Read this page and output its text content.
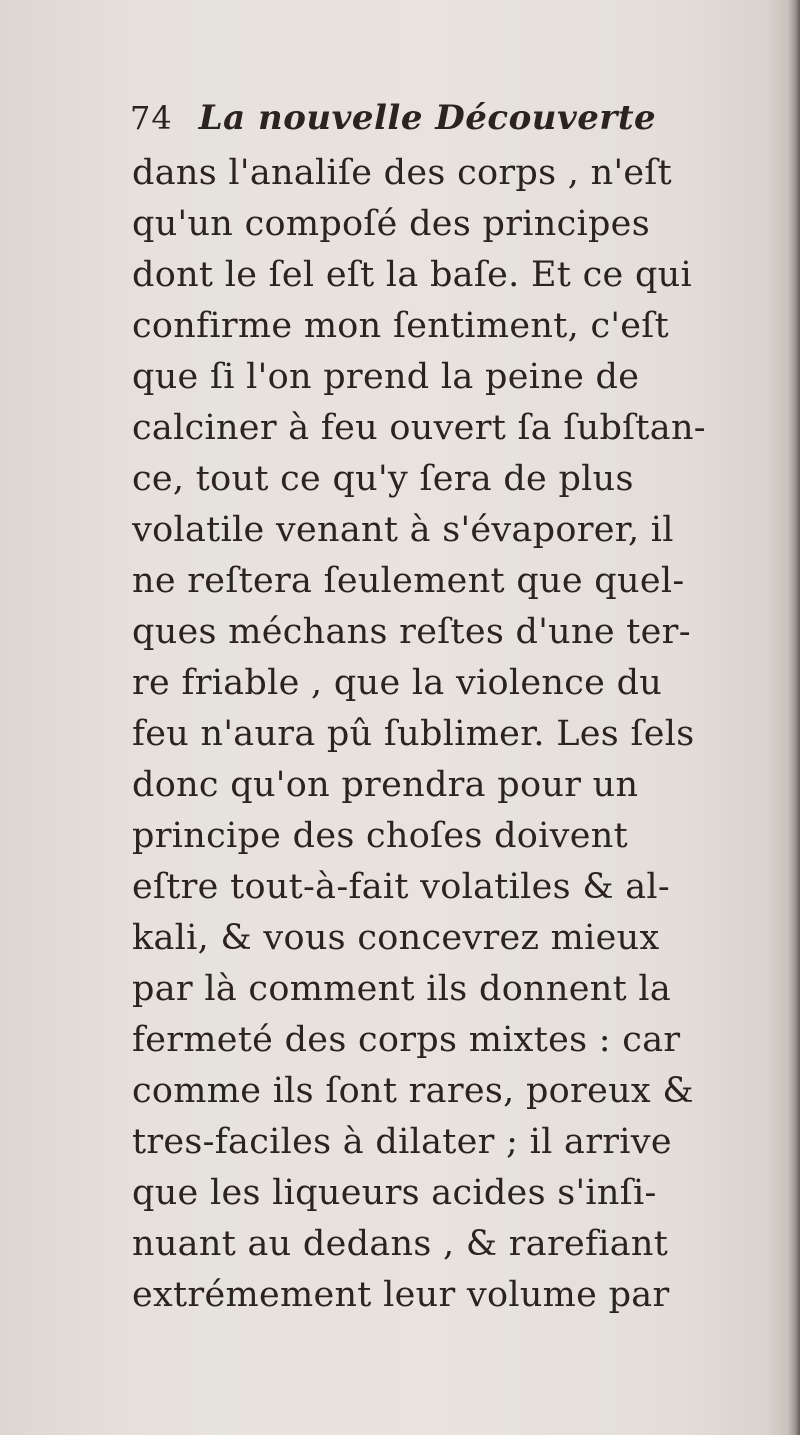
74 La nouvelle Découverte
dans l'analiſe des corps , n'eſt
qu'un compoſé des principes
dont le ſel eſt la baſe. Et ce qui
confirme mon ſentiment, c'eſt
que ſi l'on prend la peine de
calciner à feu ouvert ſa ſubſtan-
ce, tout ce qu'y ſera de plus
volatile venant à s'évaporer, il
ne reſtera ſeulement que quel-
ques méchans reſtes d'une ter-
re friable , que la violence du
feu n'aura pû ſublimer. Les ſels
donc qu'on prendra pour un
principe des choſes doivent
eſtre tout-à-fait volatiles & al-
kali, & vous concevrez mieux
par là comment ils donnent la
fermeté des corps mixtes : car
comme ils ſont rares, poreux &
tres-faciles à dilater ; il arrive
que les liqueurs acides s'inſi-
nuant au dedans , & rarefiant
extrémement leur volume par
